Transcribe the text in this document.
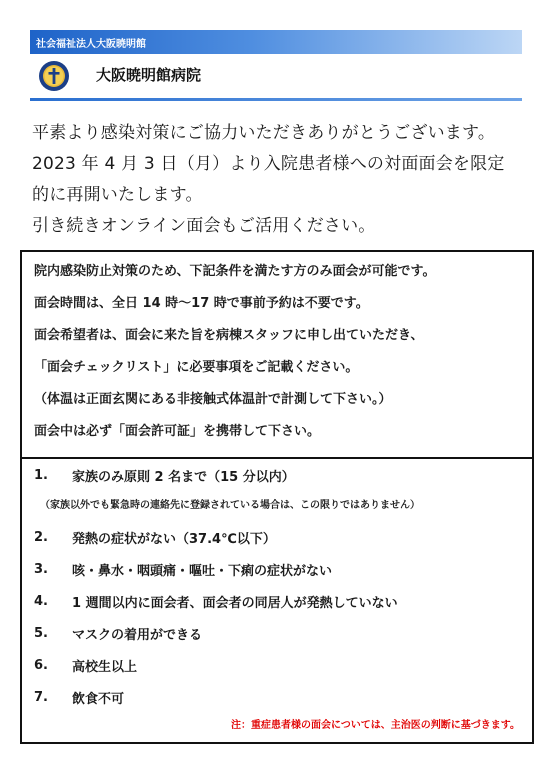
社会福祉法人大阪暁明館
大阪暁明館病院

平素より感染対策にご協力いただきありがとうございます。

2023 年 4 月 3 日（月）より入院患者様への対面面会を限定

的に再開いたします。

引き続きオンライン面会もご活用ください。

院内感染防止対策のため、下記条件を満たす方のみ面会が可能です。

面会時間は、全日 14 時～17 時で事前予約は不要です。

面会希望者は、面会に来た旨を病棟スタッフに申し出ていただき、

「面会チェックリスト」に必要事項をご記載ください。

（体温は正面玄関にある非接触式体温計で計測して下さい。）

面会中は必ず「面会許可証」を携帯して下さい。

1.	家族のみ原則 2 名まで（15 分以内）
（家族以外でも緊急時の連絡先に登録されている場合は、この限りではありません）
2.	発熱の症状がない（37.4℃以下）
3.	咳・鼻水・咽頭痛・嘔吐・下痢の症状がない
4.	1 週間以内に面会者、面会者の同居人が発熱していない
5.	マスクの着用ができる
6.	高校生以上
7.	飲食不可
注：重症患者様の面会については、主治医の判断に基づきます。
